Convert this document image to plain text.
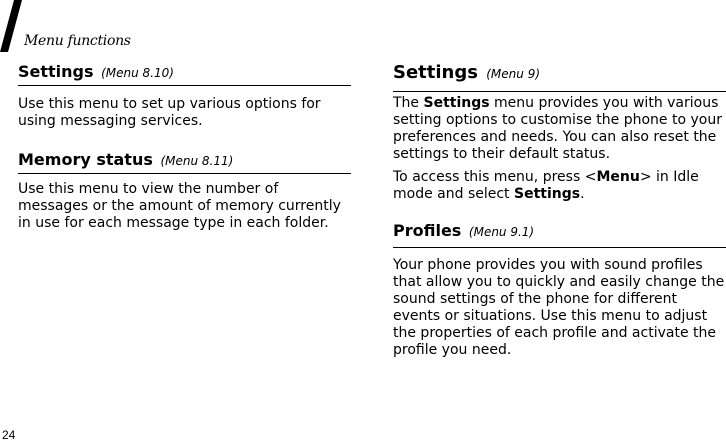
Menu functions
Settings (Menu 8.10)

Use this menu to set up various options for using messaging services.

Memory status (Menu 8.11)

Use this menu to view the number of messages or the amount of memory currently in use for each message type in each folder.

Settings (Menu 9)

The Settings menu provides you with various setting options to customise the phone to your preferences and needs. You can also reset the settings to their default status.

To access this menu, press <Menu> in Idle mode and select Settings.

Profiles (Menu 9.1)

Your phone provides you with sound profiles that allow you to quickly and easily change the sound settings of the phone for different events or situations. Use this menu to adjust the properties of each profile and activate the profile you need.

24
